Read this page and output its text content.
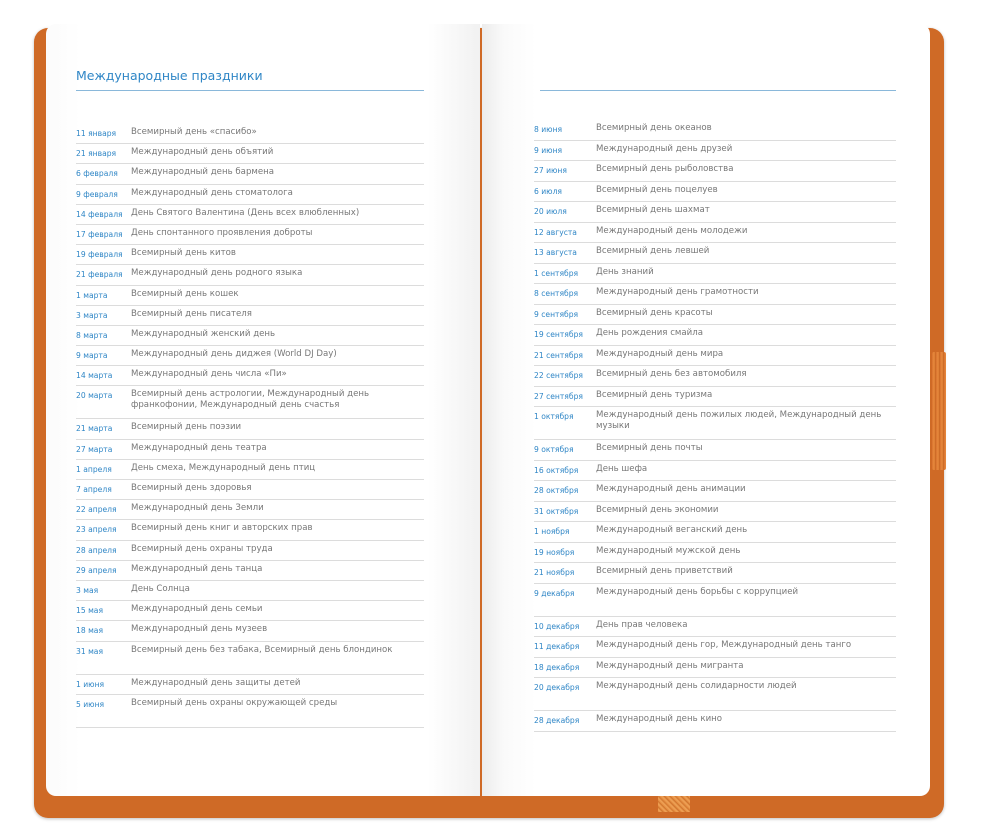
Международные праздники
11 января	Всемирный день «спасибо»
21 января	Международный день объятий
6 февраля	Международный день бармена
9 февраля	Международный день стоматолога
14 февраля День Святого Валентина (День всех влюбленных)
17 февраля День спонтанного проявления доброты
19 февраля Всемирный день китов
21 февраля Международный день родного языка
1 марта	Всемирный день кошек
3 марта	Всемирный день писателя
8 марта	Международный женский день
9 марта	Международный день диджея (World DJ Day)
14 марта	Международный день числа «Пи»
20 марта	Всемирный день астрологии, Международный день франкофонии, Международный день счастья
21 марта	Всемирный день поэзии
27 марта	Международный день театра
1 апреля	День смеха, Международный день птиц
7 апреля	Всемирный день здоровья
22 апреля	Международный день Земли
23 апреля	Всемирный день книг и авторских прав
28 апреля	Всемирный день охраны труда
29 апреля	Международный день танца
3 мая	День Солнца
15 мая	Международный день семьи
18 мая	Международный день музеев
31 мая	Всемирный день без табака, Всемирный день блондинок
1 июня	Международный день защиты детей
5 июня	Всемирный день охраны окружающей среды
8 июня	Всемирный день океанов
9 июня	Международный день друзей
27 июня	Всемирный день рыболовства
6 июля	Всемирный день поцелуев
20 июля	Всемирный день шахмат
12 августа	Международный день молодежи
13 августа	Всемирный день левшей
1 сентября	День знаний
8 сентября	Международный день грамотности
9 сентября	Всемирный день красоты
19 сентября	День рождения смайла
21 сентября	Международный день мира
22 сентября	Всемирный день без автомобиля
27 сентября	Всемирный день туризма
1 октября	Международный день пожилых людей, Международный день музыки
9 октября	Всемирный день почты
16 октября	День шефа
28 октября	Международный день анимации
31 октября	Всемирный день экономии
1 ноября	Международный веганский день
19 ноября	Международный мужской день
21 ноября	Всемирный день приветствий
9 декабря	Международный день борьбы с коррупцией
10 декабря	День прав человека
11 декабря	Международный день гор, Международный день танго
18 декабря	Международный день мигранта
20 декабря	Международный день солидарности людей
28 декабря	Международный день кино
